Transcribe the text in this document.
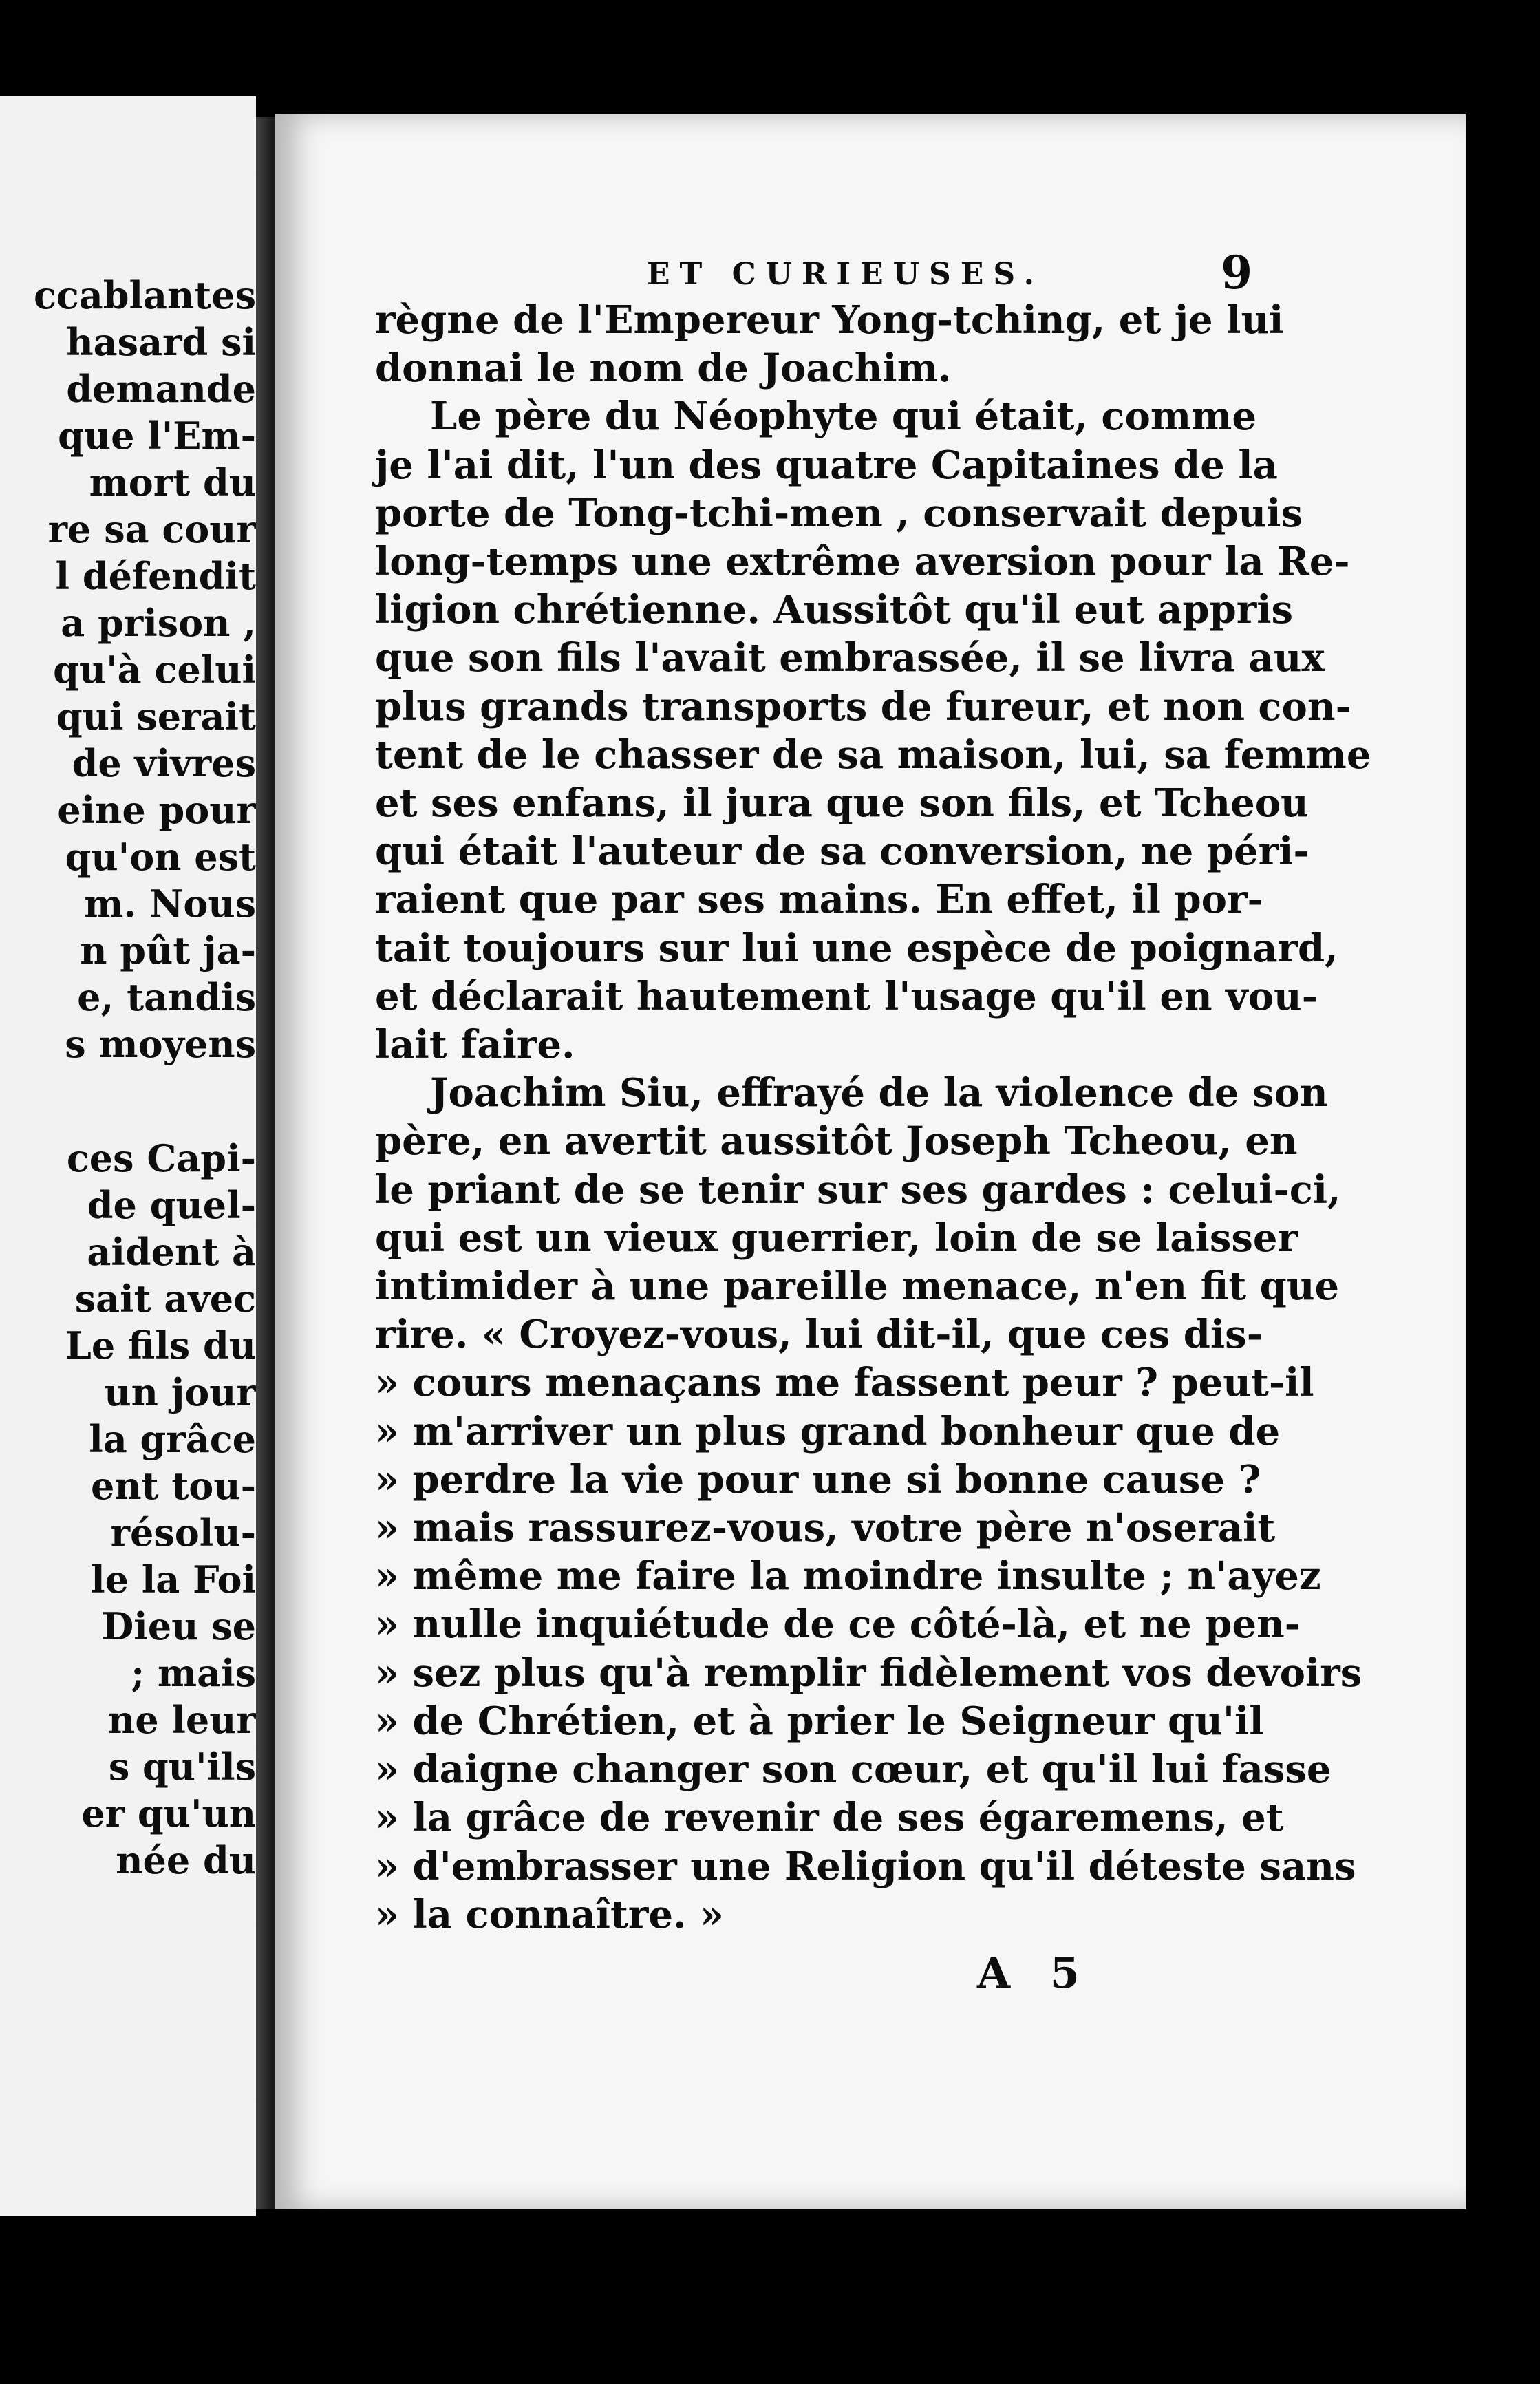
ccablantes
hasard si
demande
que l'Em-
mort du
re sa cour
l défendit
a prison ,
qu'à celui
qui serait
de vivres
eine pour
qu'on est
m. Nous
n pût ja-
e, tandis
s moyens
ces Capi-
de quel-
aident à
sait avec
Le fils du
un jour
la grâce
ent tou-
résolu-
le la Foi
Dieu se
; mais
ne leur
s qu'ils
er qu'un
née du
ET CURIEUSES.	9
règne de l'Empereur Yong-tching, et je lui
donnai le nom de Joachim.
Le père du Néophyte qui était, comme
je l'ai dit, l'un des quatre Capitaines de la
porte de Tong-tchi-men , conservait depuis
long-temps une extrême aversion pour la Re-
ligion chrétienne. Aussitôt qu'il eut appris
que son fils l'avait embrassée, il se livra aux
plus grands transports de fureur, et non con-
tent de le chasser de sa maison, lui, sa femme
et ses enfans, il jura que son fils, et Tcheou
qui était l'auteur de sa conversion, ne péri-
raient que par ses mains. En effet, il por-
tait toujours sur lui une espèce de poignard,
et déclarait hautement l'usage qu'il en vou-
lait faire.
Joachim Siu, effrayé de la violence de son
père, en avertit aussitôt Joseph Tcheou, en
le priant de se tenir sur ses gardes : celui-ci,
qui est un vieux guerrier, loin de se laisser
intimider à une pareille menace, n'en fit que
rire. « Croyez-vous, lui dit-il, que ces dis-
» cours menaçans me fassent peur ? peut-il
» m'arriver un plus grand bonheur que de
» perdre la vie pour une si bonne cause ?
» mais rassurez-vous, votre père n'oserait
» même me faire la moindre insulte ; n'ayez
» nulle inquiétude de ce côté-là, et ne pen-
» sez plus qu'à remplir fidèlement vos devoirs
» de Chrétien, et à prier le Seigneur qu'il
» daigne changer son cœur, et qu'il lui fasse
» la grâce de revenir de ses égaremens, et
» d'embrasser une Religion qu'il déteste sans
» la connaître. »
A 5
